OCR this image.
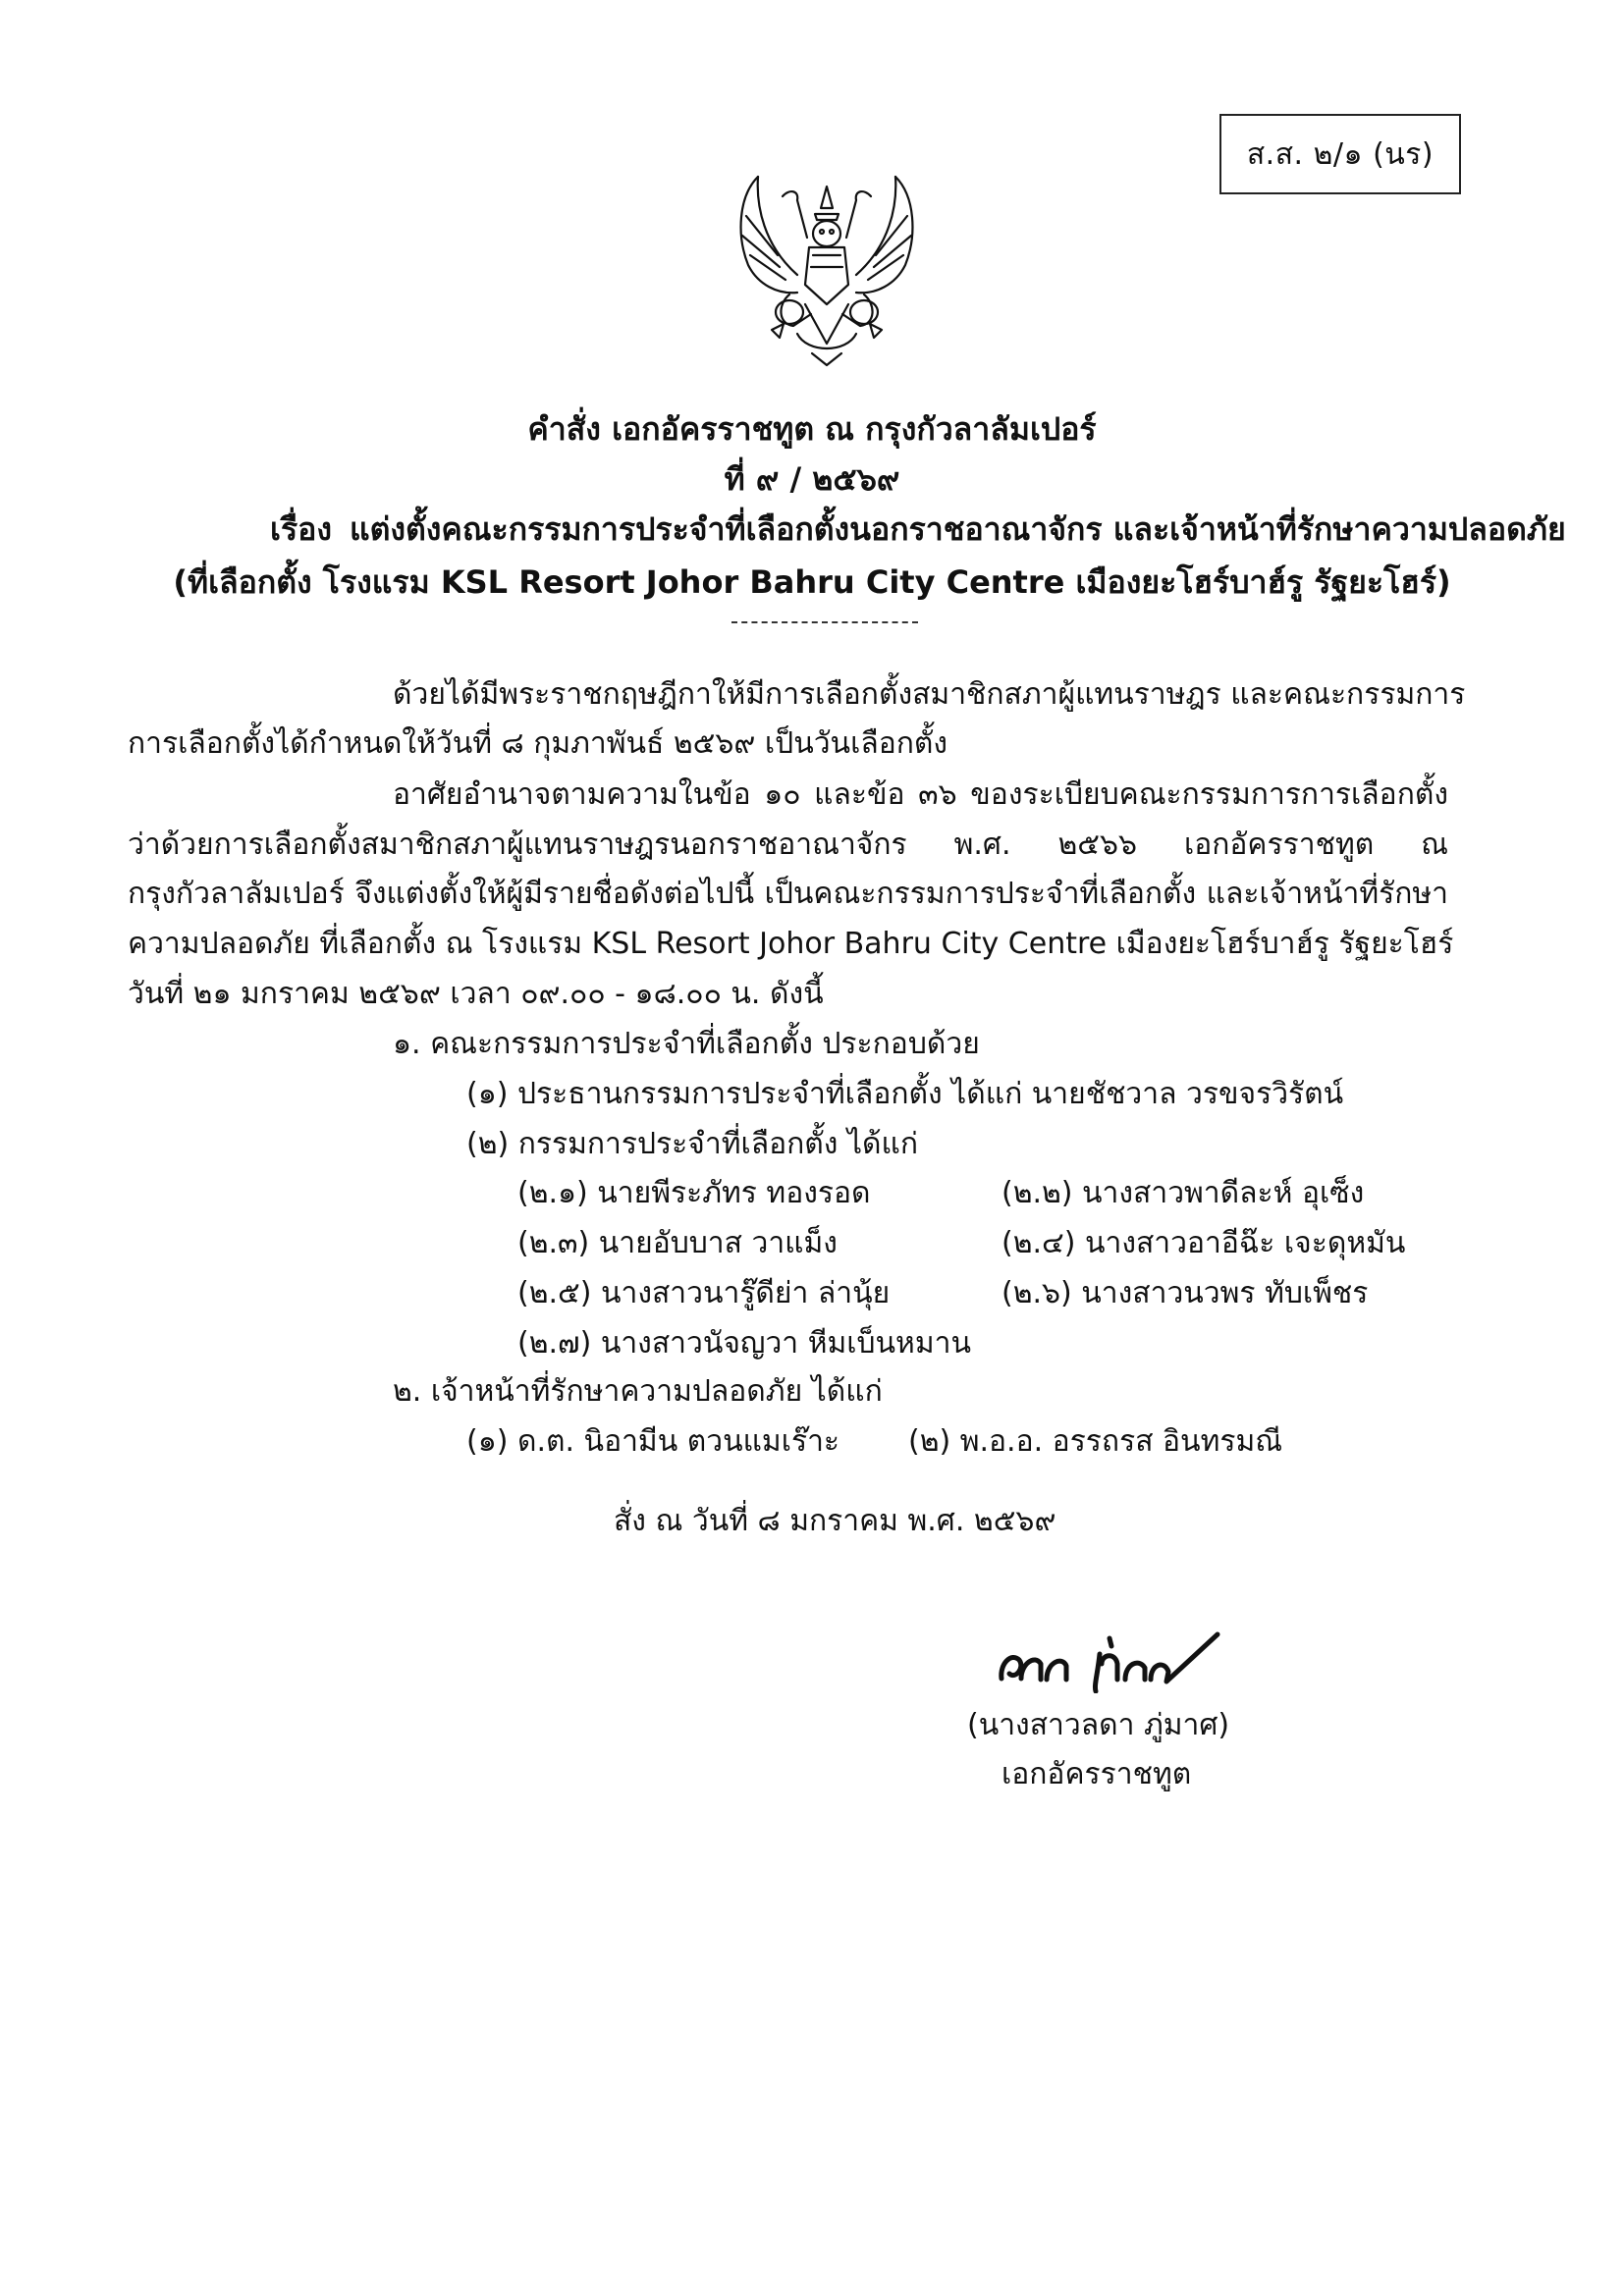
ส.ส. ๒/๑ (นร)
คำสั่ง เอกอัครราชทูต ณ กรุงกัวลาลัมเปอร์
ที่ ๙ / ๒๕๖๙
เรื่อง แต่งตั้งคณะกรรมการประจำที่เลือกตั้งนอกราชอาณาจักร และเจ้าหน้าที่รักษาความปลอดภัย
(ที่เลือกตั้ง โรงแรม KSL Resort Johor Bahru City Centre เมืองยะโฮร์บาฮ์รู รัฐยะโฮร์)
ด้วยได้มีพระราชกฤษฎีกาให้มีการเลือกตั้งสมาชิกสภาผู้แทนราษฎร และคณะกรรมการ
การเลือกตั้งได้กำหนดให้วันที่ ๘ กุมภาพันธ์ ๒๕๖๙ เป็นวันเลือกตั้ง
อาศัยอำนาจตามความในข้อ ๑๐ และข้อ ๓๖ ของระเบียบคณะกรรมการการเลือกตั้ง
ว่าด้วยการเลือกตั้งสมาชิกสภาผู้แทนราษฎรนอกราชอาณาจักร พ.ศ. ๒๕๖๖ เอกอัครราชทูต ณ
กรุงกัวลาลัมเปอร์ จึงแต่งตั้งให้ผู้มีรายชื่อดังต่อไปนี้ เป็นคณะกรรมการประจำที่เลือกตั้ง และเจ้าหน้าที่รักษา
ความปลอดภัย ที่เลือกตั้ง ณ โรงแรม KSL Resort Johor Bahru City Centre เมืองยะโฮร์บาฮ์รู รัฐยะโฮร์
วันที่ ๒๑ มกราคม ๒๕๖๙ เวลา ๐๙.๐๐ - ๑๘.๐๐ น. ดังนี้
๑. คณะกรรมการประจำที่เลือกตั้ง ประกอบด้วย
(๑) ประธานกรรมการประจำที่เลือกตั้ง ได้แก่ นายชัชวาล วรขจรวิรัตน์
(๒) กรรมการประจำที่เลือกตั้ง ได้แก่
(๒.๑) นายพีระภัทร ทองรอด	(๒.๒) นางสาวพาดีละห์ อุเซ็ง
(๒.๓) นายอับบาส วาแม็ง	(๒.๔) นางสาวอาอีฉ๊ะ เจะดุหมัน
(๒.๕) นางสาวนารู๊ดีย่า ล่านุ้ย	(๒.๖) นางสาวนวพร ทับเพ็ชร
(๒.๗) นางสาวนัจญวา หีมเบ็นหมาน
๒. เจ้าหน้าที่รักษาความปลอดภัย ได้แก่
(๑) ด.ต. นิอามีน ตวนแมเร๊าะ (๒) พ.อ.อ. อรรถรส อินทรมณี
สั่ง ณ วันที่ ๘ มกราคม พ.ศ. ๒๕๖๙
(นางสาวลดา ภู่มาศ)
เอกอัครราชทูต
